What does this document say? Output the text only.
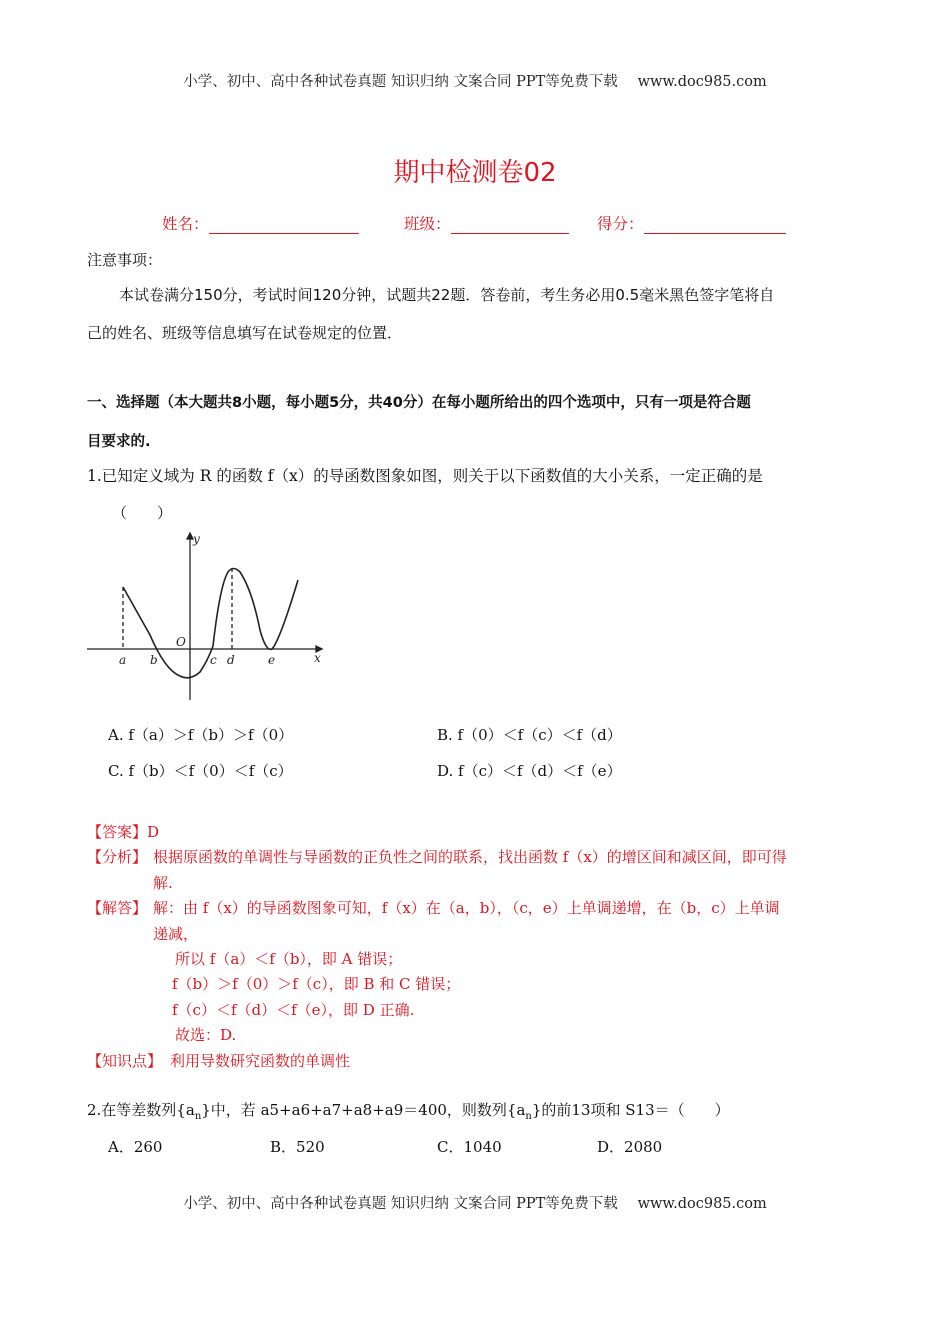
小学、初中、高中各种试卷真题 知识归纳 文案合同 PPT等免费下载 www.doc985.com
期中检测卷02
姓名：	班级：	得分：
注意事项：
本试卷满分150分，考试时间120分钟，试题共22题．答卷前，考生务必用0.5毫米黑色签字笔将自
己的姓名、班级等信息填写在试卷规定的位置．
一、选择题（本大题共8小题，每小题5分，共40分）在每小题所给出的四个选项中，只有一项是符合题
目要求的.
1.已知定义域为 R 的函数 f（x）的导函数图象如图，则关于以下函数值的大小关系，一定正确的是
（　　）
y
x
O
a b	c d	e
A. f（a）＞f（b）＞f（0）	B. f（0）＜f（c）＜f（d）
C. f（b）＜f（0）＜f（c）	D. f（c）＜f（d）＜f（e）
【答案】D
【分析】 根据原函数的单调性与导函数的正负性之间的联系，找出函数 f（x）的增区间和减区间，即可得
解.
【解答】 解：由 f（x）的导函数图象可知，f（x）在（a，b），（c，e）上单调递增，在（b，c）上单调
递减，
所以 f（a）＜f（b），即 A 错误；
f（b）＞f（0）＞f（c），即 B 和 C 错误；
f（c）＜f（d）＜f（e），即 D 正确.
故选：D.
【知识点】 利用导数研究函数的单调性
2.在等差数列$\{a_n\}$中，若 a5+a6+a7+a8+a9＝400，则数列$\{a_n\}$的前13项和 S13＝（　　）
A．260	B．520	C．1040	D．2080
小学、初中、高中各种试卷真题 知识归纳 文案合同 PPT等免费下载 www.doc985.com
